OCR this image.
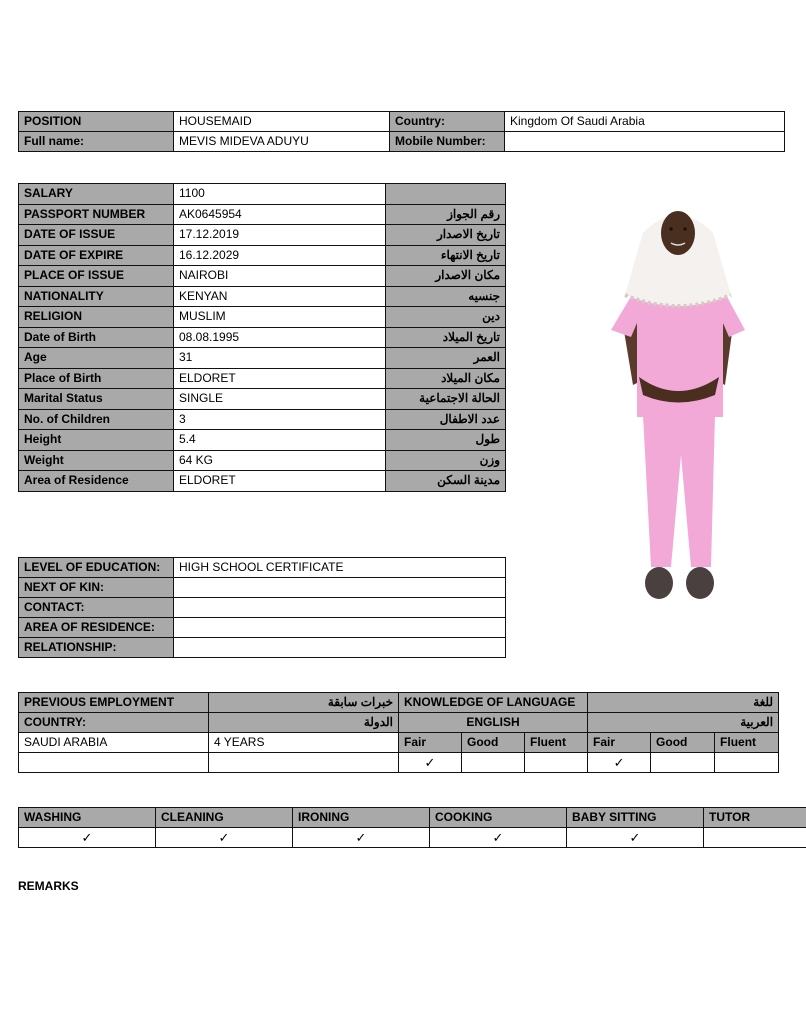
POSITION	HOUSEMAID	Country:	Kingdom Of Saudi Arabia
Full name:	MEVIS MIDEVA ADUYU	Mobile Number:	
SALARY	1100	
PASSPORT NUMBER	AK0645954	رقم الجواز
DATE OF ISSUE	17.12.2019	تاريخ الاصدار
DATE OF EXPIRE	16.12.2029	تاريخ الانتهاء
PLACE OF ISSUE	NAIROBI	مكان الاصدار
NATIONALITY	KENYAN	جنسيه
RELIGION	MUSLIM	دين
Date of Birth	08.08.1995	تاريخ الميلاد
Age	31	العمر
Place of Birth	ELDORET	مكان الميلاد
Marital Status	SINGLE	الحالة الاجتماعية
No. of Children	3	عدد الاطفال
Height	5.4	طول
Weight	64 KG	وزن
Area of Residence	ELDORET	مدينة السكن
LEVEL OF EDUCATION:	HIGH SCHOOL CERTIFICATE
NEXT OF KIN:	
CONTACT:	
AREA OF RESIDENCE:	
RELATIONSHIP:	
PREVIOUS EMPLOYMENT	خبرات سابقة	KNOWLEDGE OF LANGUAGE			للغة		
COUNTRY:	الدولة	ENGLISH			العربية		
SAUDI ARABIA	4 YEARS	Fair	Good	Fluent	Fair	Good	Fluent
		✓			✓		
WASHING	CLEANING	IRONING	COOKING	BABY SITTING	TUTOR
✓	✓	✓	✓	✓	
REMARKS
